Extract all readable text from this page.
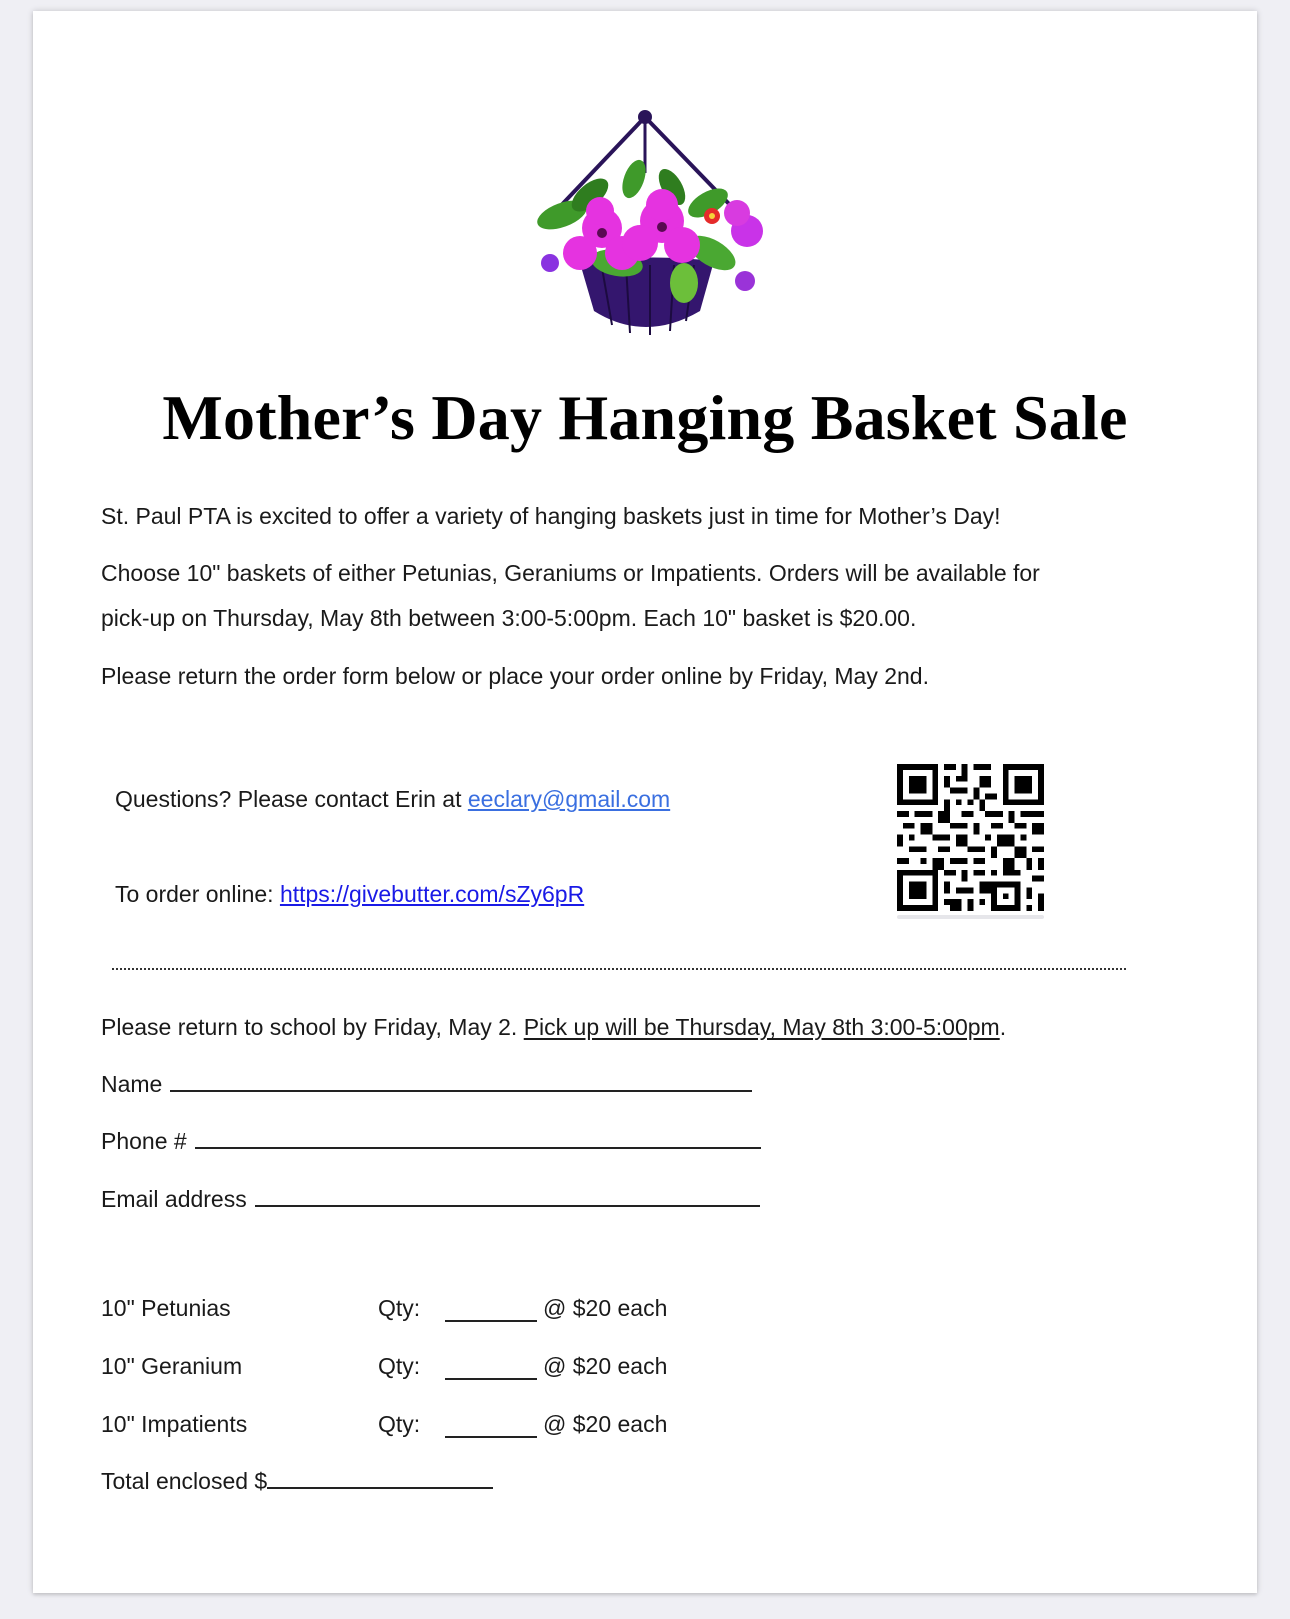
Mother’s Day Hanging Basket Sale
St. Paul PTA is excited to offer a variety of hanging baskets just in time for Mother’s Day!
Choose 10" baskets of either Petunias, Geraniums or Impatients. Orders will be available for
pick-up on Thursday, May 8th between 3:00-5:00pm. Each 10" basket is $20.00.
Please return the order form below or place your order online by Friday, May 2nd.
Questions? Please contact Erin at eeclary@gmail.com
To order online: https://givebutter.com/sZy6pR
Please return to school by Friday, May 2. Pick up will be Thursday, May 8th 3:00-5:00pm.
Name
Phone #
Email address
10" Petunias	Qty:	@ $20 each
10" Geranium	Qty:	@ $20 each
10" Impatients	Qty:	@ $20 each
Total enclosed $
